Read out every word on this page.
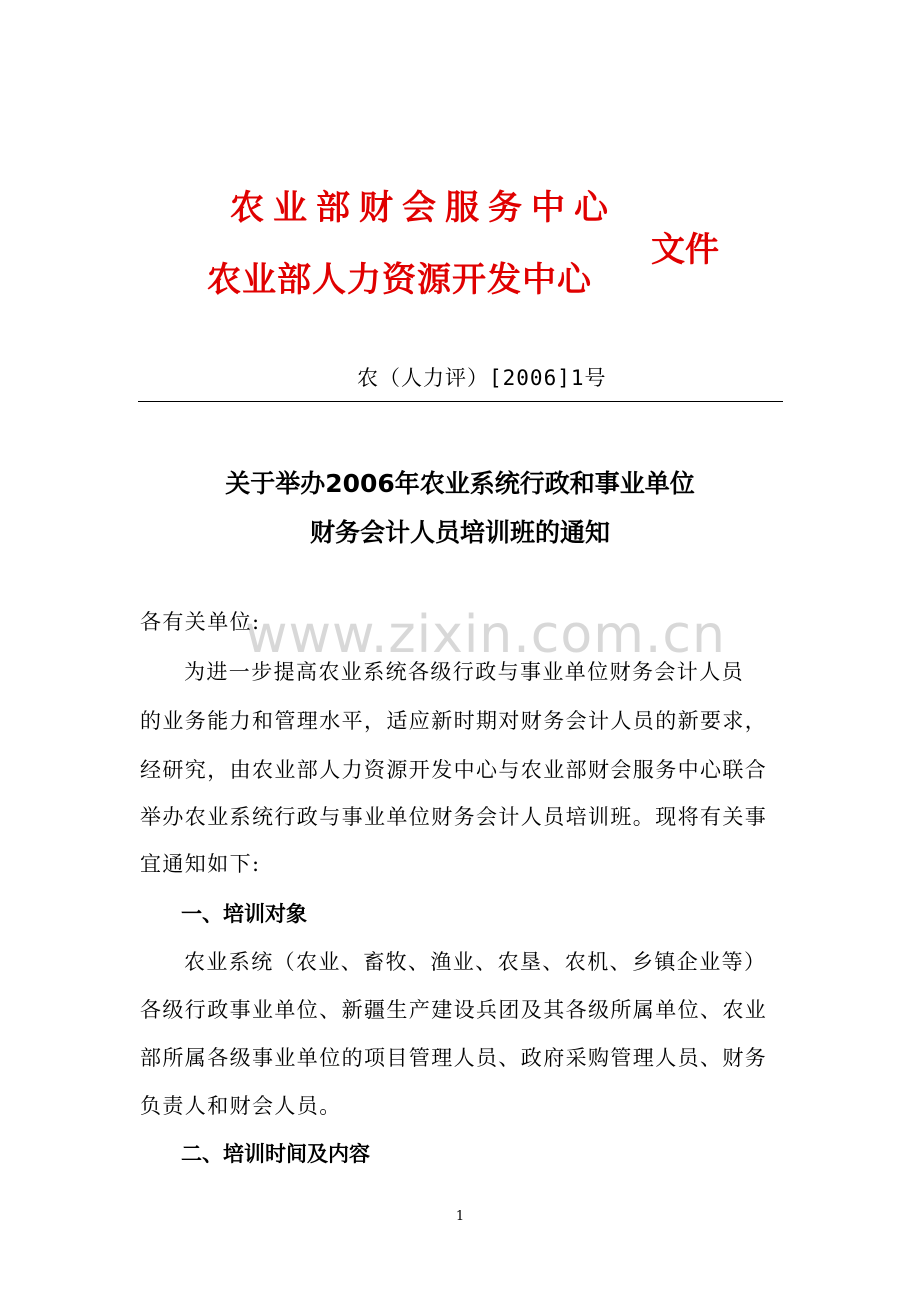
农业部财会服务中心
农业部人力资源开发中心
文件
农（人力评）[2006]1号
关于举办2006年农业系统行政和事业单位
财务会计人员培训班的通知
www.zixin.com.cn
各有关单位:
为进一步提高农业系统各级行政与事业单位财务会计人员
的业务能力和管理水平，适应新时期对财务会计人员的新要求，
经研究，由农业部人力资源开发中心与农业部财会服务中心联合
举办农业系统行政与事业单位财务会计人员培训班。现将有关事
宜通知如下:
一、培训对象
农业系统（农业、畜牧、渔业、农垦、农机、乡镇企业等）
各级行政事业单位、新疆生产建设兵团及其各级所属单位、农业
部所属各级事业单位的项目管理人员、政府采购管理人员、财务
负责人和财会人员。
二、培训时间及内容
1
